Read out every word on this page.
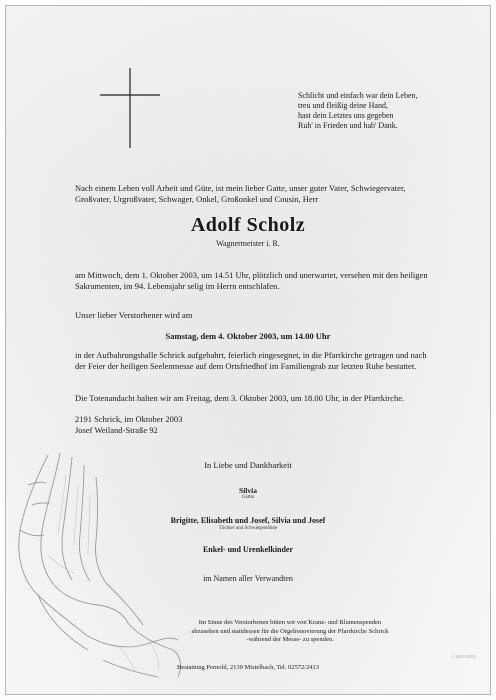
Schlicht und einfach war dein Leben,
treu und fleißig deine Hand,
hast dein Letztes uns gegeben
Ruh' in Frieden und hab' Dank.
Nach einem Leben voll Arbeit und Güte, ist mein lieber Gatte, unser guter Vater, Schwiegervater, Großvater, Urgroßvater, Schwager, Onkel, Großonkel und Cousin, Herr
Adolf Scholz
Wagnermeister i. R.
am Mittwoch, dem 1. Oktober 2003, um 14.51 Uhr, plötzlich und unerwartet, versehen mit den heiligen Sakramenten, im 94. Lebensjahr selig im Herrn entschlafen.
Unser lieber Verstorbener wird am
Samstag, dem 4. Oktober 2003, um 14.00 Uhr
in der Aufbahrungshalle Schrick aufgebahrt, feierlich eingesegnet, in die Pfarrkirche getragen und nach der Feier der heiligen Seelenmesse auf dem Ortsfriedhof im Familiengrab zur letzten Ruhe bestattet.
Die Totenandacht halten wir am Freitag, dem 3. Oktober 2003, um 18.00 Uhr, in der Pfarrkirche.
2191 Schrick, im Oktober 2003
Josef Weiland-Straße 92
In Liebe und Dankbarkeit
Silvia
Gattin
Brigitte, Elisabeth und Josef, Silvia und Josef
Töchter und Schwiegersöhne
Enkel- und Urenkelkinder
im Namen aller Verwandten
Im Sinne des Verstorbenen bitten wir von Kranz- und Blumenspenden abzusehen und stattdessen für die Orgelrenovierung der Pfarrkirche Schrick -während der Messe- zu spenden.
© 2003 XXXX
Bestattung Pernold, 2130 Mistelbach, Tel. 02572/2413
